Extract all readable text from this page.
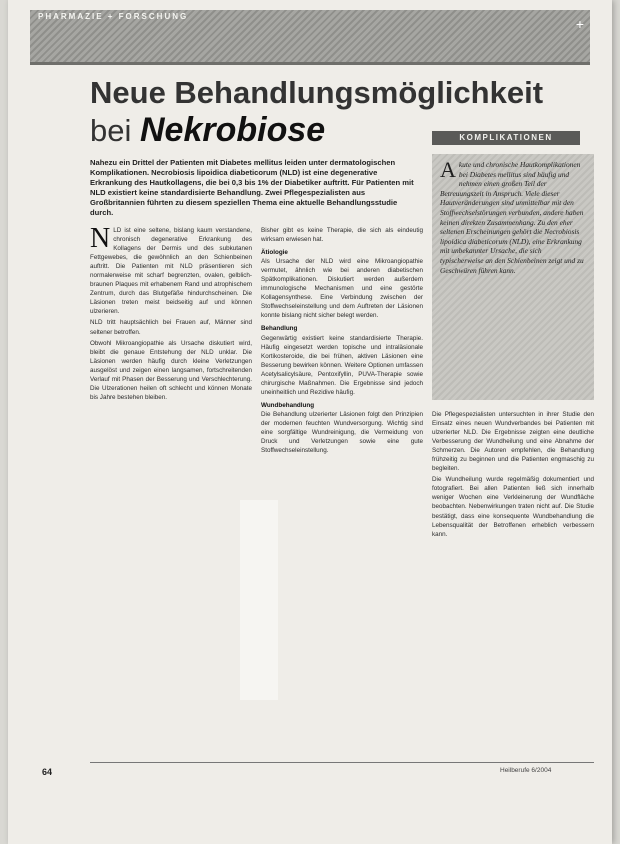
PHARMAZIE + FORSCHUNG	+
Neue Behandlungsmöglichkeit
bei Nekrobiose	KOMPLIKATIONEN
Nahezu ein Drittel der Patienten mit Diabetes mellitus leiden unter dermatologischen Komplikationen. Necrobiosis lipoidica diabeticorum (NLD) ist eine degenerative Erkrankung des Hautkollagens, die bei 0,3 bis 1% der Diabetiker auftritt. Für Patienten mit NLD existiert keine standardisierte Behandlung. Zwei Pflegespezialisten aus Großbritannien führten zu diesem speziellen Thema eine aktuelle Behandlungsstudie durch.
A kute und chronische Hautkomplikationen bei Diabetes mellitus sind häufig und nehmen einen großen Teil der Betreuungszeit in Anspruch. Viele dieser Hautveränderungen sind unmittelbar mit den Stoffwechselstörungen verbunden, andere haben keinen direkten Zusammenhang. Zu den eher seltenen Erscheinungen gehört die Necrobiosis lipoidica diabeticorum (NLD), eine Erkrankung mit unbekannter Ursache, die sich typischerweise an den Schienbeinen zeigt und zu Geschwüren führen kann.

NLD ist eine seltene, bislang kaum verstandene, chronisch degenerative Erkrankung des Kollagens der Dermis und des subkutanen Fettgewebes, die gewöhnlich an den Schienbeinen auftritt. Die Patienten mit NLD präsentieren sich normalerweise mit scharf begrenzten, ovalen, gelblich-braunen Plaques mit erhabenem Rand und atrophischem Zentrum, durch das Blutgefäße hindurchscheinen. Die Läsionen treten meist beidseitig auf und können ulzerieren.

NLD tritt hauptsächlich bei Frauen auf, Männer sind seltener betroffen.

Obwohl Mikroangiopathie als Ursache diskutiert wird, bleibt die genaue Entstehung der NLD unklar. Die Läsionen werden häufig durch kleine Verletzungen ausgelöst und zeigen einen langsamen, fortschreitenden Verlauf mit Phasen der Besserung und Verschlechterung. Die Ulzerationen heilen oft schlecht und können Monate bis Jahre bestehen bleiben.

Bisher gibt es keine Therapie, die sich als eindeutig wirksam erwiesen hat.

Ätiologie

Als Ursache der NLD wird eine Mikroangiopathie vermutet, ähnlich wie bei anderen diabetischen Spätkomplikationen. Diskutiert werden außerdem immunologische Mechanismen und eine gestörte Kollagensynthese. Eine Verbindung zwischen der Stoffwechseleinstellung und dem Auftreten der Läsionen konnte bislang nicht sicher belegt werden.

Behandlung

Gegenwärtig existiert keine standardisierte Therapie. Häufig eingesetzt werden topische und intraläsionale Kortikosteroide, die bei frühen, aktiven Läsionen eine Besserung bewirken können. Weitere Optionen umfassen Acetylsalicylsäure, Pentoxifyllin, PUVA-Therapie sowie chirurgische Maßnahmen. Die Ergebnisse sind jedoch uneinheitlich und Rezidive häufig.

Wundbehandlung

Die Behandlung ulzerierter Läsionen folgt den Prinzipien der modernen feuchten Wundversorgung. Wichtig sind eine sorgfältige Wundreinigung, die Vermeidung von Druck und Verletzungen sowie eine gute Stoffwechseleinstellung.

Die Pflegespezialisten untersuchten in ihrer Studie den Einsatz eines neuen Wundverbandes bei Patienten mit ulzerierter NLD. Die Ergebnisse zeigten eine deutliche Verbesserung der Wundheilung und eine Abnahme der Schmerzen. Die Autoren empfehlen, die Behandlung frühzeitig zu beginnen und die Patienten engmaschig zu begleiten.

Die Wundheilung wurde regelmäßig dokumentiert und fotografiert. Bei allen Patienten ließ sich innerhalb weniger Wochen eine Verkleinerung der Wundfläche beobachten. Nebenwirkungen traten nicht auf. Die Studie bestätigt, dass eine konsequente Wundbehandlung die Lebensqualität der Betroffenen erheblich verbessern kann.

64	Heilberufe 6/2004
